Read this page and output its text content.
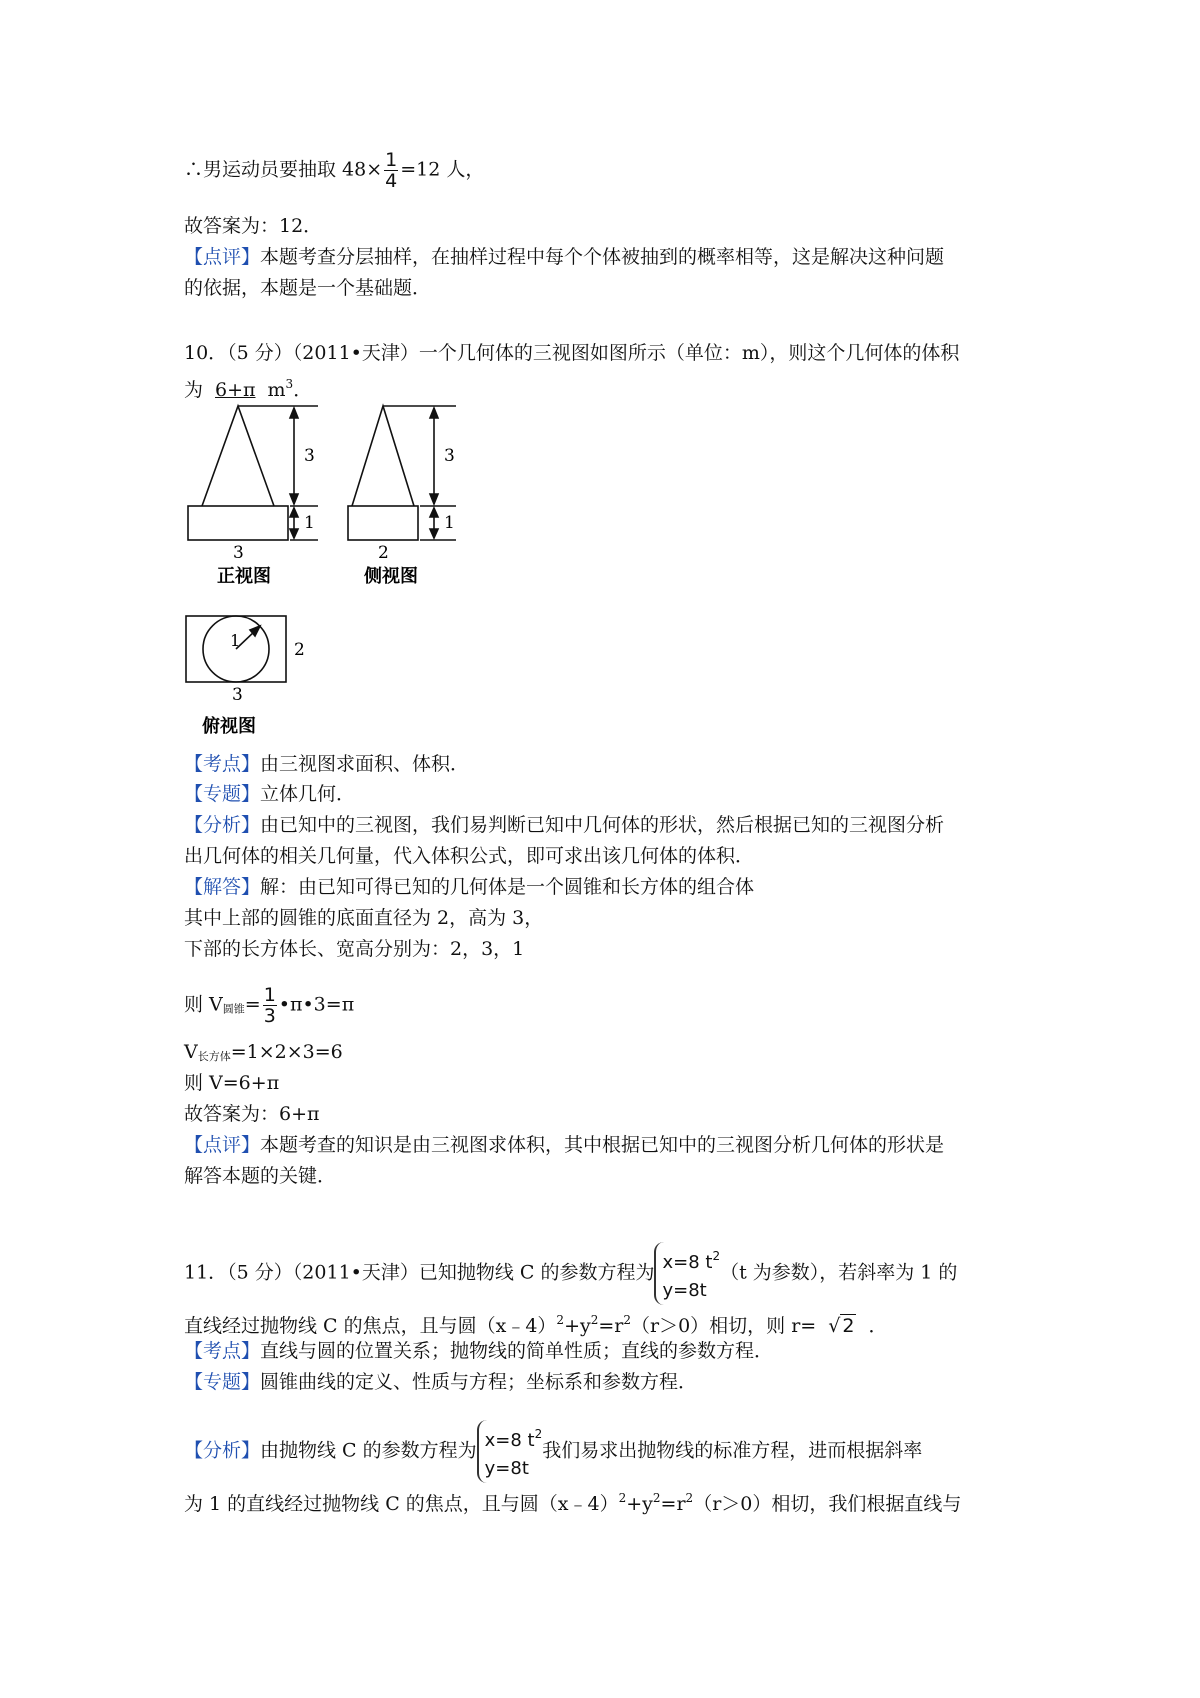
∴男运动员要抽取 $48\times \frac{1}{4} =12$ 人，
故答案为：12．
【点评】本题考查分层抽样，在抽样过程中每个个体被抽到的概率相等，这是解决这种问题
的依据，本题是一个基础题．
10．（5 分）（2011•天津）一个几何体的三视图如图所示（单位：m），则这个几何体的体积
为 6+π $m^3$．
3
1
3
正视图
3
1
2
侧视图
1	2
3
俯视图
【考点】由三视图求面积、体积．
【专题】立体几何．
【分析】由已知中的三视图，我们易判断已知中几何体的形状，然后根据已知的三视图分析
出几何体的相关几何量，代入体积公式，即可求出该几何体的体积．
【解答】解：由已知可得已知的几何体是一个圆锥和长方体的组合体
其中上部的圆锥的底面直径为 2，高为 3，
下部的长方体长、宽高分别为：2，3，1
则 V圆锥= $\frac{1}{3}$ •π•3=π
V长方体=1×2×3=6
则 V=6+π
故答案为：6+π
【点评】本题考查的知识是由三视图求体积，其中根据已知中的三视图分析几何体的形状是
解答本题的关键．
11．（5 分）（2011•天津）已知抛物线 C 的参数方程为 x=8 $t^2$
y=8t
（t 为参数），若斜率为 1 的
直线经过抛物线 C 的焦点，且与圆$(x﹣4)^2+y^2=r^2(r>0)$相切，则 r= √ 2 ．
【考点】直线与圆的位置关系；抛物线的简单性质；直线的参数方程．
【专题】圆锥曲线的定义、性质与方程；坐标系和参数方程．
【分析】由抛物线 C 的参数方程为 x=8 $t^2$
y=8t
我们易求出抛物线的标准方程，进而根据斜率
为 1 的直线经过抛物线 C 的焦点，且与圆$(x﹣4)^2+y^2=r^2(r>0)$相切，我们根据直线与
